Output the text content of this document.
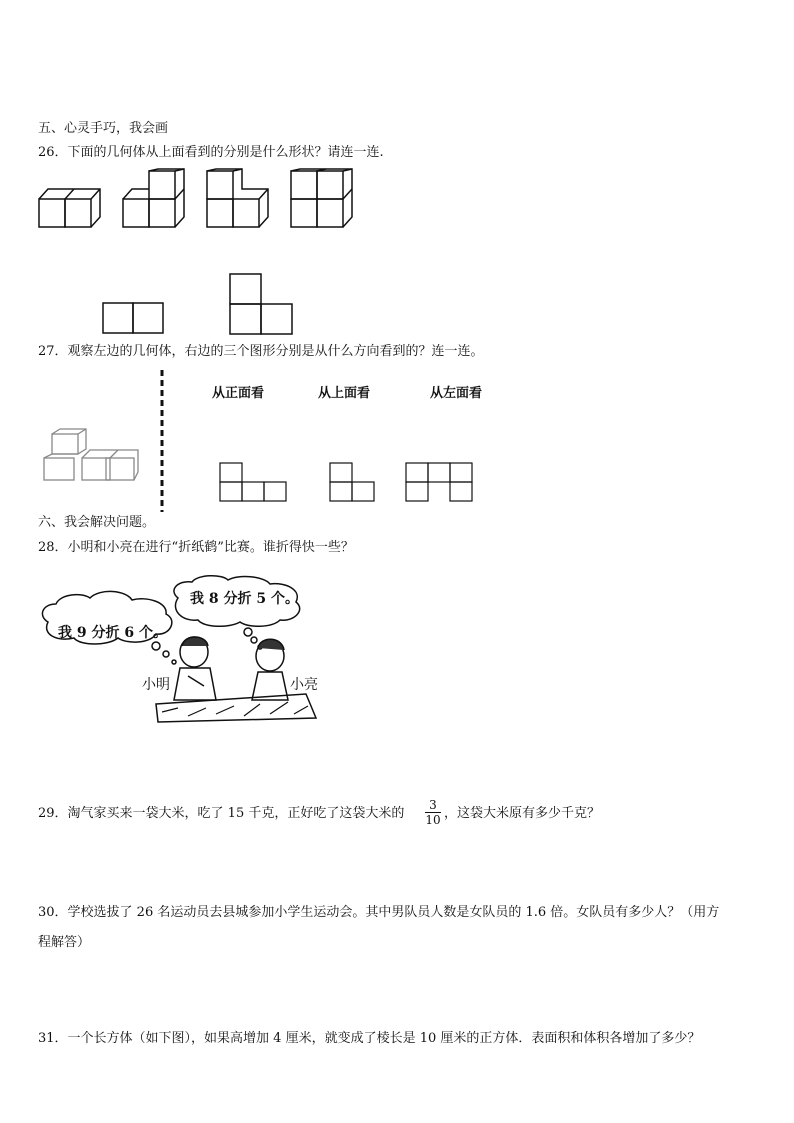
五、心灵手巧，我会画
26．下面的几何体从上面看到的分别是什么形状？请连一连.
27．观察左边的几何体，右边的三个图形分别是从什么方向看到的？连一连。
从正面看	从上面看	从左面看
六、我会解决问题。
28．小明和小亮在进行“折纸鹤”比赛。谁折得快一些？
我 9 分折 6 个。
我 8 分折 5 个。
小明	小亮
29．淘气家买来一袋大米，吃了 15 千克，正好吃了这袋大米的 $\frac{3}{10}$ ，这袋大米原有多少千克？
30．学校选拔了 26 名运动员去县城参加小学生运动会。其中男队员人数是女队员的 1.6 倍。女队员有多少人？（用方
程解答）
31．一个长方体（如下图），如果高增加 4 厘米，就变成了棱长是 10 厘米的正方体．表面积和体积各增加了多少？
